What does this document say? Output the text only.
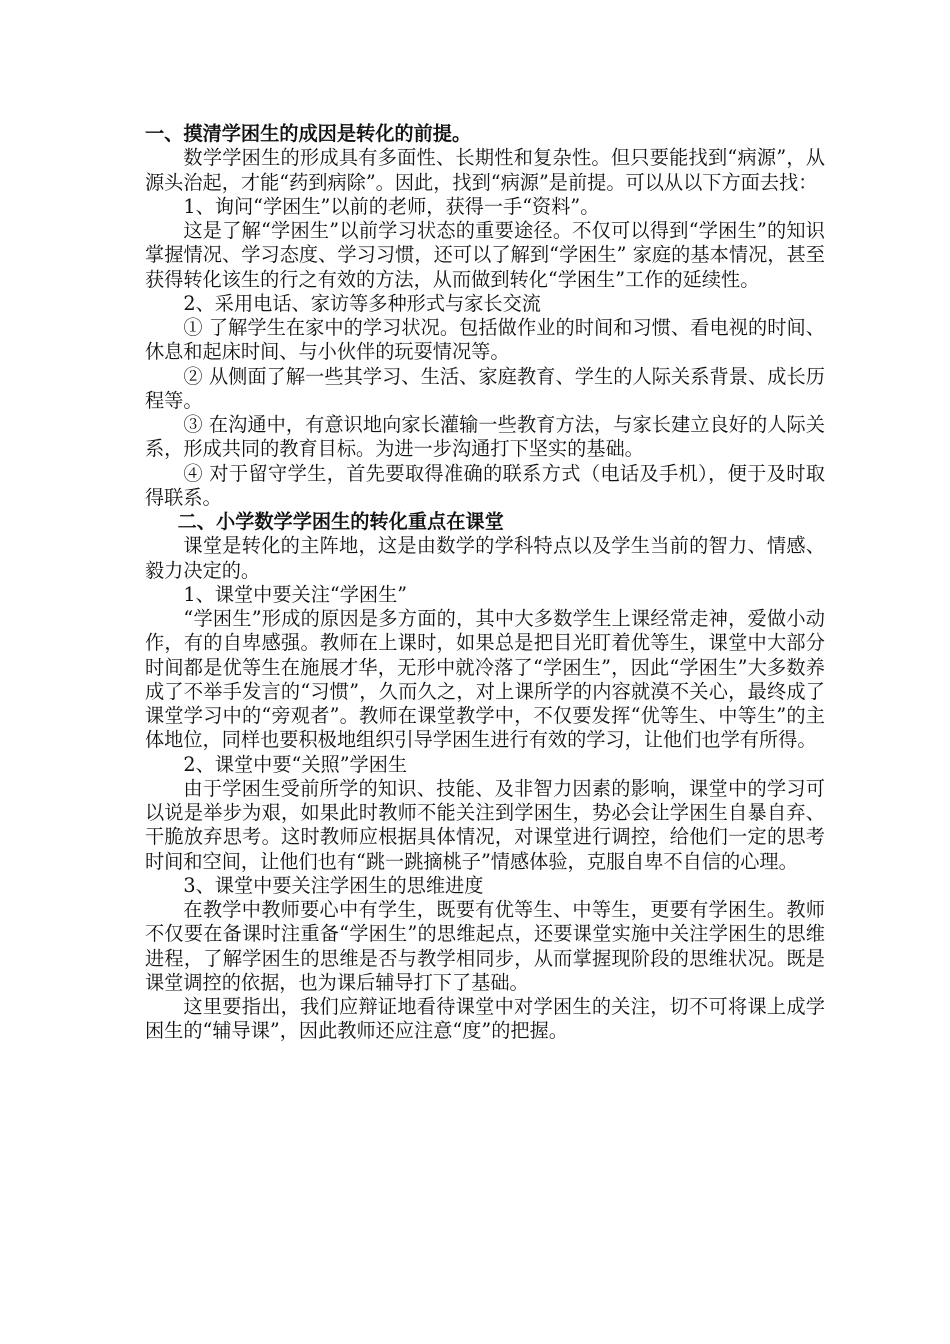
一、摸清学困生的成因是转化的前提。

数学学困生的形成具有多面性、长期性和复杂性。但只要能找到“病源”，从源头治起，才能“药到病除”。因此，找到“病源”是前提。可以从以下方面去找：

1、询问“学困生”以前的老师，获得一手“资料”。

这是了解“学困生”以前学习状态的重要途径。不仅可以得到“学困生”的知识掌握情况、学习态度、学习习惯，还可以了解到“学困生” 家庭的基本情况，甚至获得转化该生的行之有效的方法，从而做到转化“学困生”工作的延续性。

2、采用电话、家访等多种形式与家长交流

① 了解学生在家中的学习状况。包括做作业的时间和习惯、看电视的时间、休息和起床时间、与小伙伴的玩耍情况等。

② 从侧面了解一些其学习、生活、家庭教育、学生的人际关系背景、成长历程等。

③ 在沟通中，有意识地向家长灌输一些教育方法，与家长建立良好的人际关系，形成共同的教育目标。为进一步沟通打下坚实的基础。

④ 对于留守学生，首先要取得准确的联系方式（电话及手机），便于及时取得联系。

二、小学数学学困生的转化重点在课堂

课堂是转化的主阵地，这是由数学的学科特点以及学生当前的智力、情感、毅力决定的。

1、课堂中要关注“学困生”

“学困生”形成的原因是多方面的，其中大多数学生上课经常走神，爱做小动作，有的自卑感强。教师在上课时，如果总是把目光盯着优等生，课堂中大部分时间都是优等生在施展才华，无形中就冷落了“学困生”，因此“学困生”大多数养成了不举手发言的“习惯”，久而久之，对上课所学的内容就漠不关心，最终成了课堂学习中的“旁观者”。教师在课堂教学中，不仅要发挥“优等生、中等生”的主体地位，同样也要积极地组织引导学困生进行有效的学习，让他们也学有所得。

2、课堂中要“关照”学困生

由于学困生受前所学的知识、技能、及非智力因素的影响，课堂中的学习可以说是举步为艰，如果此时教师不能关注到学困生，势必会让学困生自暴自弃、干脆放弃思考。这时教师应根据具体情况，对课堂进行调控，给他们一定的思考时间和空间，让他们也有“跳一跳摘桃子”情感体验，克服自卑不自信的心理。

3、课堂中要关注学困生的思维进度

在教学中教师要心中有学生，既要有优等生、中等生，更要有学困生。教师不仅要在备课时注重备“学困生”的思维起点，还要课堂实施中关注学困生的思维进程，了解学困生的思维是否与教学相同步，从而掌握现阶段的思维状况。既是课堂调控的依据，也为课后辅导打下了基础。

这里要指出，我们应辩证地看待课堂中对学困生的关注，切不可将课上成学困生的“辅导课”，因此教师还应注意“度”的把握。
